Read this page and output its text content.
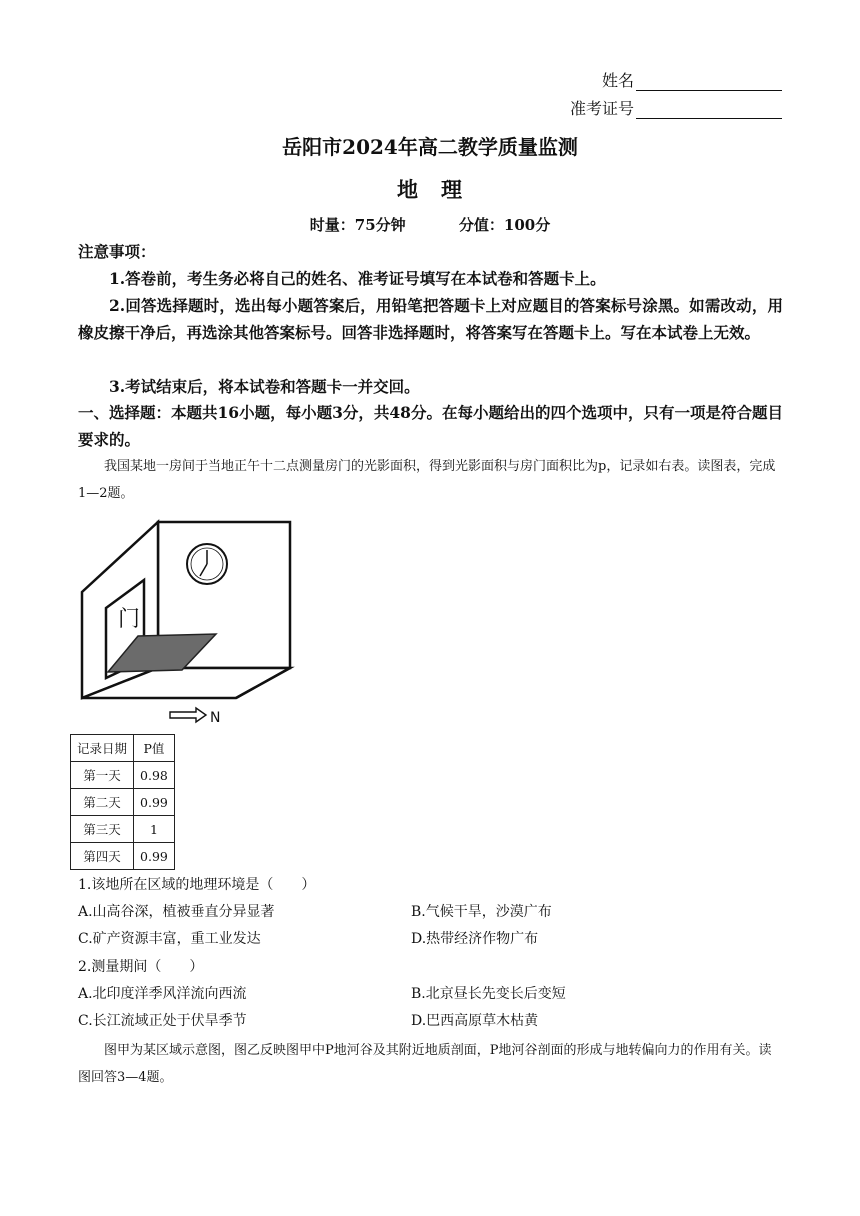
姓名
准考证号
岳阳市2024年高二教学质量监测
地　理
时量：75分钟	分值：100分
注意事项：
1.答卷前，考生务必将自己的姓名、准考证号填写在本试卷和答题卡上。
2.回答选择题时，选出每小题答案后，用铅笔把答题卡上对应题目的答案标号涂黑。如需改动，用橡皮擦干净后，再选涂其他答案标号。回答非选择题时，将答案写在答题卡上。写在本试卷上无效。
3.考试结束后，将本试卷和答题卡一并交回。
一、选择题：本题共16小题，每小题3分，共48分。在每小题给出的四个选项中，只有一项是符合题目要求的。
我国某地一房间于当地正午十二点测量房门的光影面积，得到光影面积与房门面积比为p，记录如右表。读图表，完成1—2题。
门
N
记录日期	P值
第一天	0.98
第二天	0.99
第三天	1
第四天	0.99
1.该地所在区域的地理环境是（　　）
A.山高谷深，植被垂直分异显著	B.气候干旱，沙漠广布
C.矿产资源丰富，重工业发达	D.热带经济作物广布
2.测量期间（　　）
A.北印度洋季风洋流向西流	B.北京昼长先变长后变短
C.长江流域正处于伏旱季节	D.巴西高原草木枯黄
图甲为某区域示意图，图乙反映图甲中P地河谷及其附近地质剖面，P地河谷剖面的形成与地转偏向力的作用有关。读图回答3—4题。
